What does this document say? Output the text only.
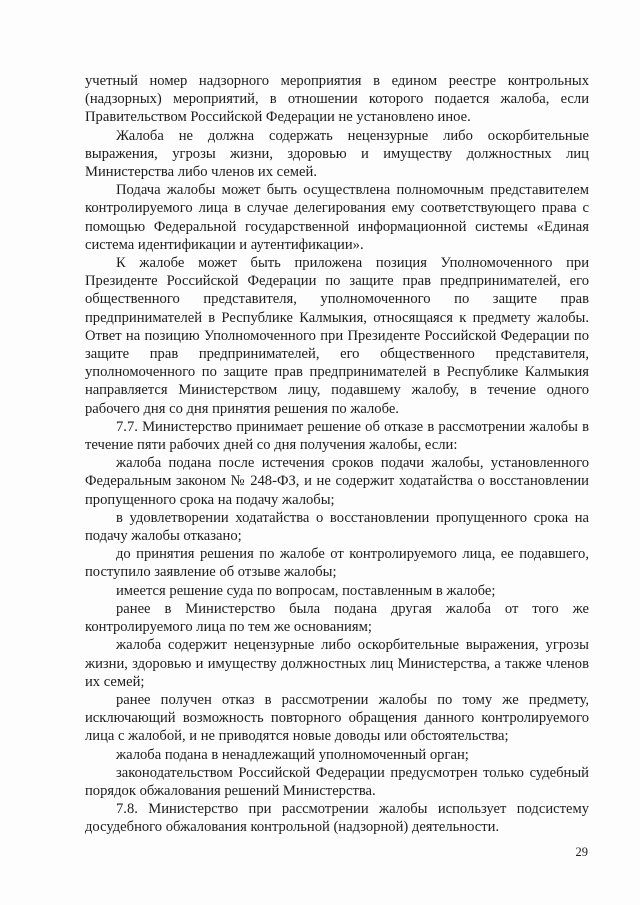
учетный номер надзорного мероприятия в едином реестре контрольных (надзорных) мероприятий, в отношении которого подается жалоба, если Правительством Российской Федерации не установлено иное.

Жалоба не должна содержать нецензурные либо оскорбительные выражения, угрозы жизни, здоровью и имуществу должностных лиц Министерства либо членов их семей.

Подача жалобы может быть осуществлена полномочным представителем контролируемого лица в случае делегирования ему соответствующего права с помощью Федеральной государственной информационной системы «Единая система идентификации и аутентификации».

К жалобе может быть приложена позиция Уполномоченного при Президенте Российской Федерации по защите прав предпринимателей, его общественного представителя, уполномоченного по защите прав предпринимателей в Республике Калмыкия, относящаяся к предмету жалобы. Ответ на позицию Уполномоченного при Президенте Российской Федерации по защите прав предпринимателей, его общественного представителя, уполномоченного по защите прав предпринимателей в Республике Калмыкия направляется Министерством лицу, подавшему жалобу, в течение одного рабочего дня со дня принятия решения по жалобе.

7.7. Министерство принимает решение об отказе в рассмотрении жалобы в течение пяти рабочих дней со дня получения жалобы, если:

жалоба подана после истечения сроков подачи жалобы, установленного Федеральным законом № 248-ФЗ, и не содержит ходатайства о восстановлении пропущенного срока на подачу жалобы;

в удовлетворении ходатайства о восстановлении пропущенного срока на подачу жалобы отказано;

до принятия решения по жалобе от контролируемого лица, ее подавшего, поступило заявление об отзыве жалобы;

имеется решение суда по вопросам, поставленным в жалобе;

ранее в Министерство была подана другая жалоба от того же контролируемого лица по тем же основаниям;

жалоба содержит нецензурные либо оскорбительные выражения, угрозы жизни, здоровью и имуществу должностных лиц Министерства, а также членов их семей;

ранее получен отказ в рассмотрении жалобы по тому же предмету, исключающий возможность повторного обращения данного контролируемого лица с жалобой, и не приводятся новые доводы или обстоятельства;

жалоба подана в ненадлежащий уполномоченный орган;

законодательством Российской Федерации предусмотрен только судебный порядок обжалования решений Министерства.

7.8. Министерство при рассмотрении жалобы использует подсистему досудебного обжалования контрольной (надзорной) деятельности.

29
